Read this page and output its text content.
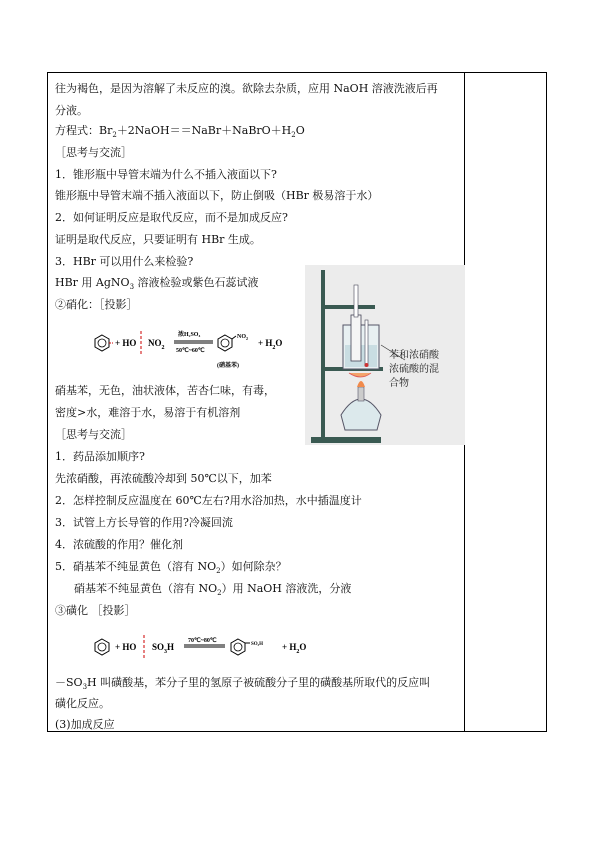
往为褐色，是因为溶解了未反应的溴。欲除去杂质，应用 NaOH 溶液洗液后再
分液。
方程式：$Br_2+2NaOH==NaBr+NaBrO+H_2O$
［思考与交流］
1．锥形瓶中导管末端为什么不插入液面以下?
锥形瓶中导管末端不插入液面以下，防止倒吸（HBr 极易溶于水）
2．如何证明反应是取代反应，而不是加成反应?
证明是取代反应，只要证明有 HBr 生成。
3．HBr 可以用什么来检验?
HBr 用 AgNO$_3$ 溶液检验或紫色石蕊试液
②硝化：［投影］
+ HO $NO_2$
浓H₂SO₄
50℃~60℃
$NO_2 + H_2O$
(硝基苯)
硝基苯，无色，油状液体，苦杏仁味，有毒，
密度>水，难溶于水，易溶于有机溶剂
苯和浓硝酸
浓硫酸的混
合物
［思考与交流］
1．药品添加顺序?
先浓硝酸，再浓硫酸冷却到 50℃以下，加苯
2．怎样控制反应温度在 60℃左右?用水浴加热，水中插温度计
3．试管上方长导管的作用?冷凝回流
4．浓硫酸的作用？催化剂
5．硝基苯不纯显黄色（溶有 $NO_2$）如何除杂？
硝基苯不纯显黄色（溶有 $NO_2$）用 NaOH 溶液洗，分液
③磺化 ［投影］
+ HO $SO_3H$
70℃~80℃
$SO_3H + H_2O$
$-SO_3H$ 叫磺酸基，苯分子里的氢原子被硫酸分子里的磺酸基所取代的反应叫
磺化反应。
(3)加成反应
